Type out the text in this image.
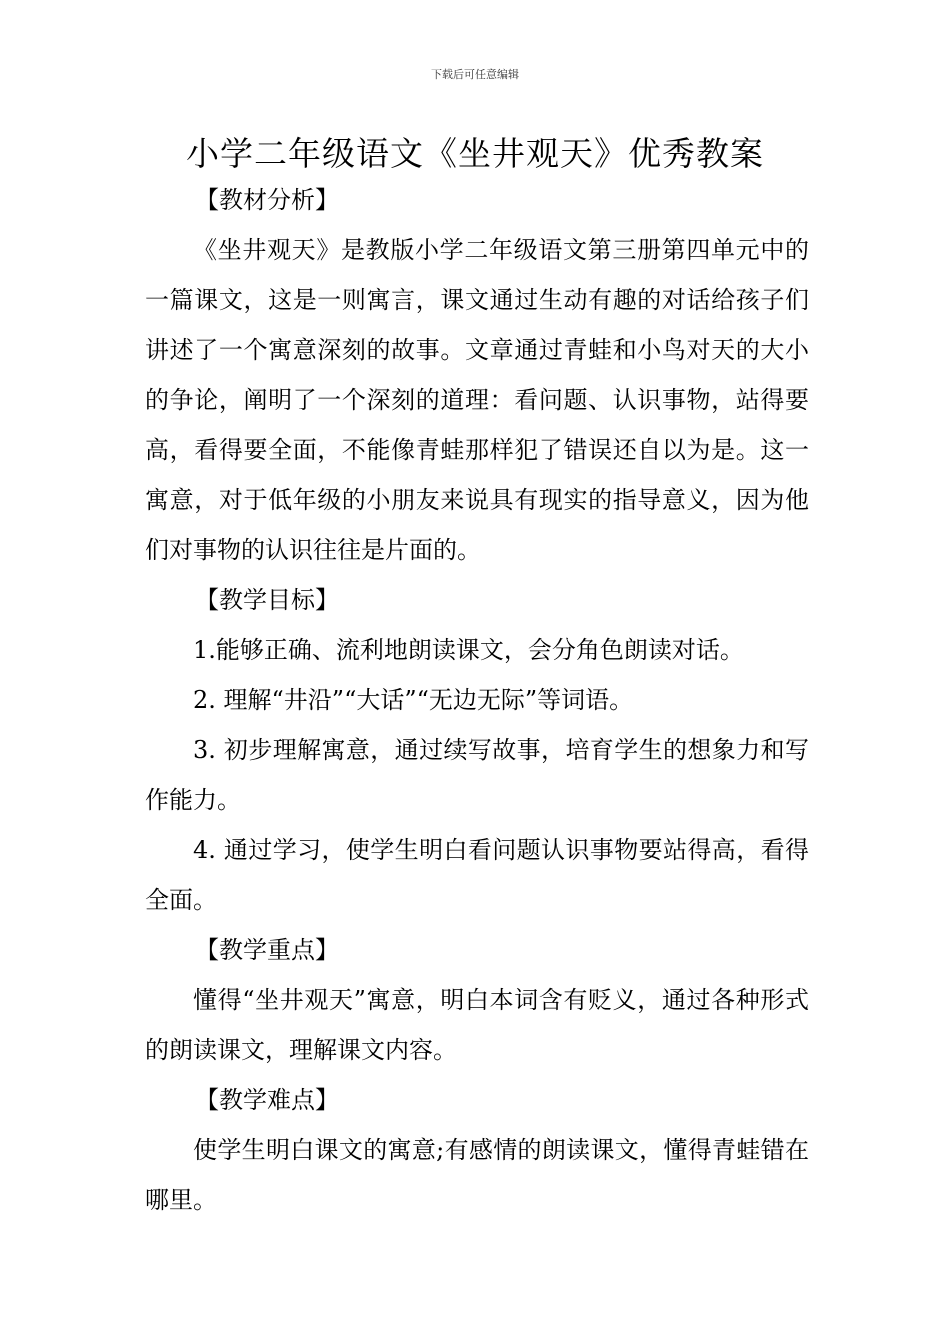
下载后可任意编辑
小学二年级语文《坐井观天》优秀教案

【教材分析】

《坐井观天》是教版小学二年级语文第三册第四单元中的一篇课文，这是一则寓言，课文通过生动有趣的对话给孩子们讲述了一个寓意深刻的故事。文章通过青蛙和小鸟对天的大小的争论，阐明了一个深刻的道理：看问题、认识事物，站得要高，看得要全面，不能像青蛙那样犯了错误还自以为是。这一寓意，对于低年级的小朋友来说具有现实的指导意义，因为他们对事物的认识往往是片面的。

【教学目标】

1.能够正确、流利地朗读课文，会分角色朗读对话。

2. 理解“井沿”“大话”“无边无际”等词语。

3. 初步理解寓意，通过续写故事，培育学生的想象力和写作能力。

4. 通过学习，使学生明白看问题认识事物要站得高，看得全面。

【教学重点】

懂得“坐井观天”寓意，明白本词含有贬义，通过各种形式的朗读课文，理解课文内容。

【教学难点】

使学生明白课文的寓意;有感情的朗读课文，懂得青蛙错在哪里。
